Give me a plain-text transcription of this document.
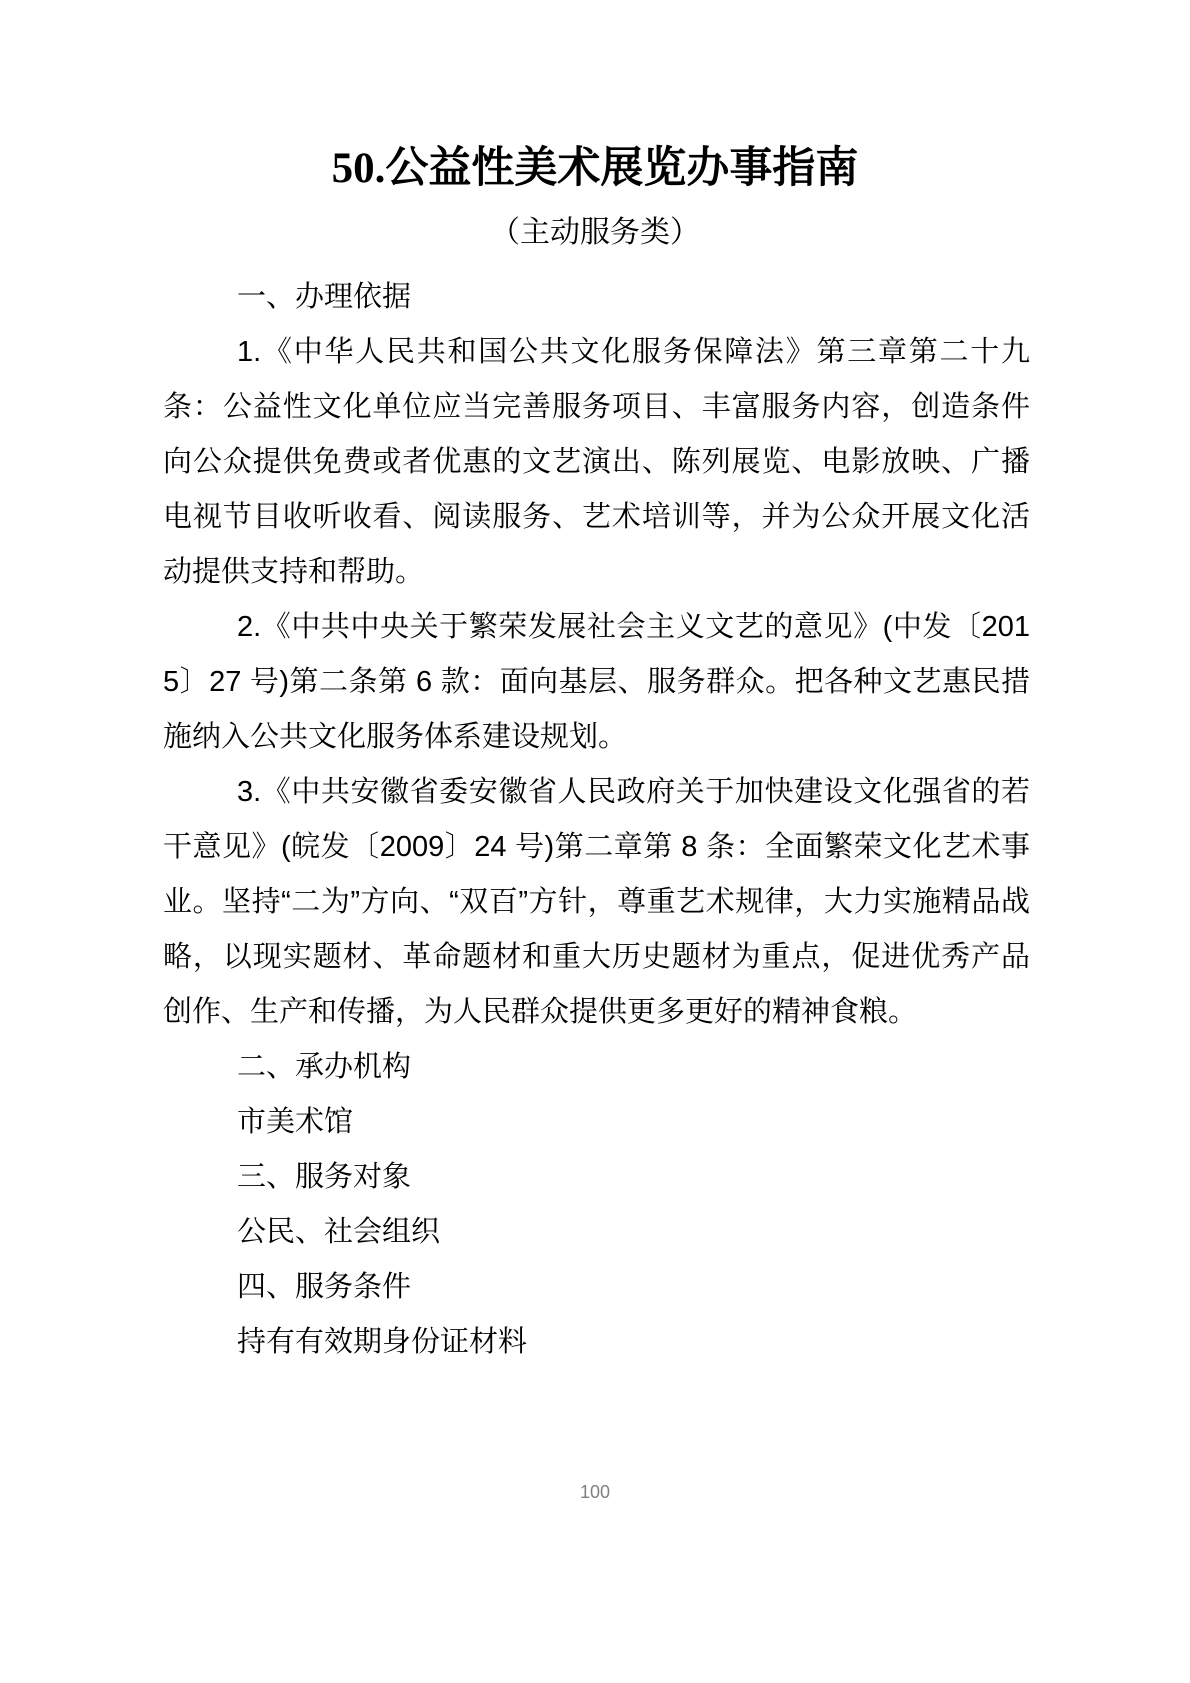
50.公益性美术展览办事指南
（主动服务类）

一、办理依据

1.《中华人民共和国公共文化服务保障法》第三章第二十九条：公益性文化单位应当完善服务项目、丰富服务内容，创造条件向公众提供免费或者优惠的文艺演出、陈列展览、电影放映、广播电视节目收听收看、阅读服务、艺术培训等，并为公众开展文化活动提供支持和帮助。

2.《中共中央关于繁荣发展社会主义文艺的意见》(中发〔2015〕27 号)第二条第 6 款：面向基层、服务群众。把各种文艺惠民措施纳入公共文化服务体系建设规划。

3.《中共安徽省委安徽省人民政府关于加快建设文化强省的若干意见》(皖发〔2009〕24 号)第二章第 8 条：全面繁荣文化艺术事业。坚持“二为”方向、“双百”方针，尊重艺术规律，大力实施精品战略，以现实题材、革命题材和重大历史题材为重点，促进优秀产品创作、生产和传播，为人民群众提供更多更好的精神食粮。

二、承办机构

市美术馆

三、服务对象

公民、社会组织

四、服务条件

持有有效期身份证材料

100
